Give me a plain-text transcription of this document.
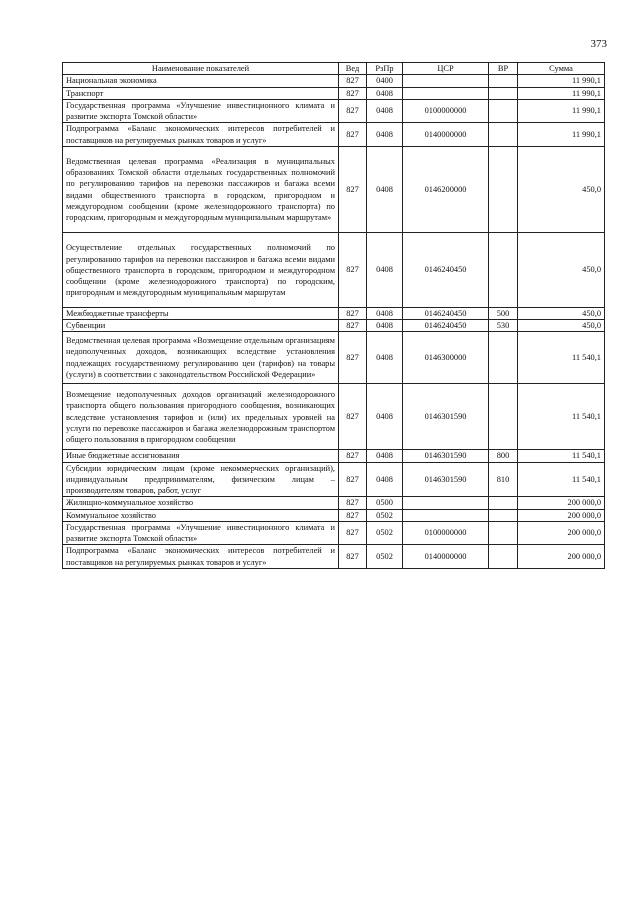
373
Наименование показателей	Вед	РзПр	ЦСР	ВР	Сумма
Национальная экономика	827	0400			11 990,1
Транспорт	827	0408			11 990,1
Государственная программа «Улучшение инвестиционного климата и развитие экспорта Томской области»	827	0408	0100000000		11 990,1
Подпрограмма «Баланс экономических интересов потребителей и поставщиков на регулируемых рынках товаров и услуг»	827	0408	0140000000		11 990,1
Ведомственная целевая программа «Реализация в муниципальных образованиях Томской области отдельных государственных полномочий по регулированию тарифов на перевозки пассажиров и багажа всеми видами общественного транспорта в городском, пригородном и междугородном сообщении (кроме железнодорожного транспорта) по городским, пригородным и междугородным муниципальным маршрутам»	827	0408	0146200000		450,0
Осуществление отдельных государственных полномочий по регулированию тарифов на перевозки пассажиров и багажа всеми видами общественного транспорта в городском, пригородном и междугородном сообщении (кроме железнодорожного транспорта) по городским, пригородным и междугородным муниципальным маршрутам	827	0408	0146240450		450,0
Межбюджетные трансферты	827	0408	0146240450	500	450,0
Субвенции	827	0408	0146240450	530	450,0
Ведомственная целевая программа «Возмещение отдельным организациям недополученных доходов, возникающих вследствие установления подлежащих государственному регулированию цен (тарифов) на товары (услуги) в соответствии с законодательством Российской Федерации»	827	0408	0146300000		11 540,1
Возмещение недополученных доходов организаций железнодорожного транспорта общего пользования пригородного сообщения, возникающих вследствие установления тарифов и (или) их предельных уровней на услуги по перевозке пассажиров и багажа железнодорожным транспортом общего пользования в пригородном сообщении	827	0408	0146301590		11 540,1
Иные бюджетные ассигнования	827	0408	0146301590	800	11 540,1
Субсидии юридическим лицам (кроме некоммерческих организаций), индивидуальным предпринимателям, физическим лицам – производителям товаров, работ, услуг	827	0408	0146301590	810	11 540,1
Жилищно-коммунальное хозяйство	827	0500			200 000,0
Коммунальное хозяйство	827	0502			200 000,0
Государственная программа «Улучшение инвестиционного климата и развитие экспорта Томской области»	827	0502	0100000000		200 000,0
Подпрограмма «Баланс экономических интересов потребителей и поставщиков на регулируемых рынках товаров и услуг»	827	0502	0140000000		200 000,0
